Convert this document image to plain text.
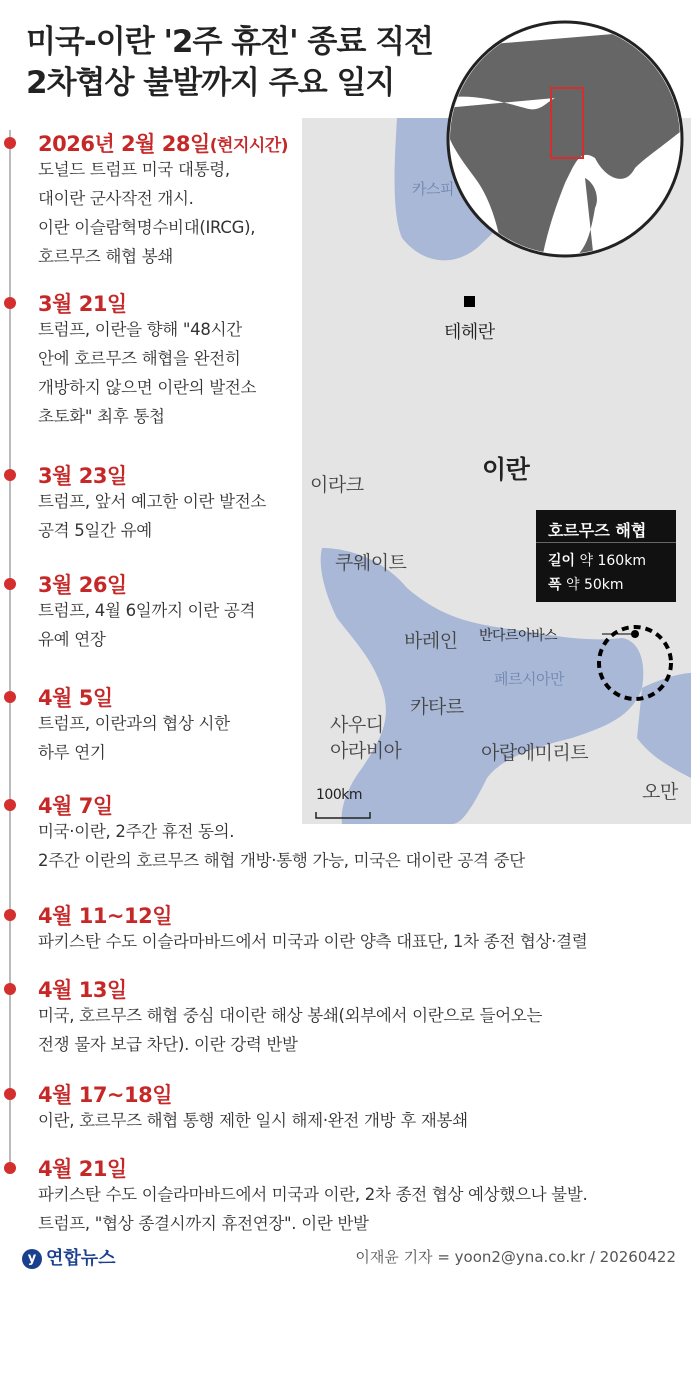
미국-이란 '2주 휴전' 종료 직전
2차협상 불발까지 주요 일지
카스피
테헤란
이란
이라크
쿠웨이트
바레인
카타르
사우디
아라비아	아랍에미리트
오만
페르시아만
반다르아바스
100km
호르무즈 해협
길이 약 160km
폭 약 50km
2026년 2월 28일(현지시간)
도널드 트럼프 미국 대통령,
대이란 군사작전 개시.
이란 이슬람혁명수비대(IRCG),
호르무즈 해협 봉쇄
3월 21일
트럼프, 이란을 향해 "48시간
안에 호르무즈 해협을 완전히
개방하지 않으면 이란의 발전소
초토화" 최후 통첩
3월 23일
트럼프, 앞서 예고한 이란 발전소
공격 5일간 유예
3월 26일
트럼프, 4월 6일까지 이란 공격
유예 연장
4월 5일
트럼프, 이란과의 협상 시한
하루 연기
4월 7일
미국·이란, 2주간 휴전 동의.
2주간 이란의 호르무즈 해협 개방·통행 가능, 미국은 대이란 공격 중단
4월 11~12일
파키스탄 수도 이슬라마바드에서 미국과 이란 양측 대표단, 1차 종전 협상·결렬
4월 13일
미국, 호르무즈 해협 중심 대이란 해상 봉쇄(외부에서 이란으로 들어오는
전쟁 물자 보급 차단). 이란 강력 반발
4월 17~18일
이란, 호르무즈 해협 통행 제한 일시 해제·완전 개방 후 재봉쇄
4월 21일
파키스탄 수도 이슬라마바드에서 미국과 이란, 2차 종전 협상 예상했으나 불발.
트럼프, "협상 종결시까지 휴전연장". 이란 반발
y 연합뉴스	이재윤 기자 = yoon2@yna.co.kr / 20260422
